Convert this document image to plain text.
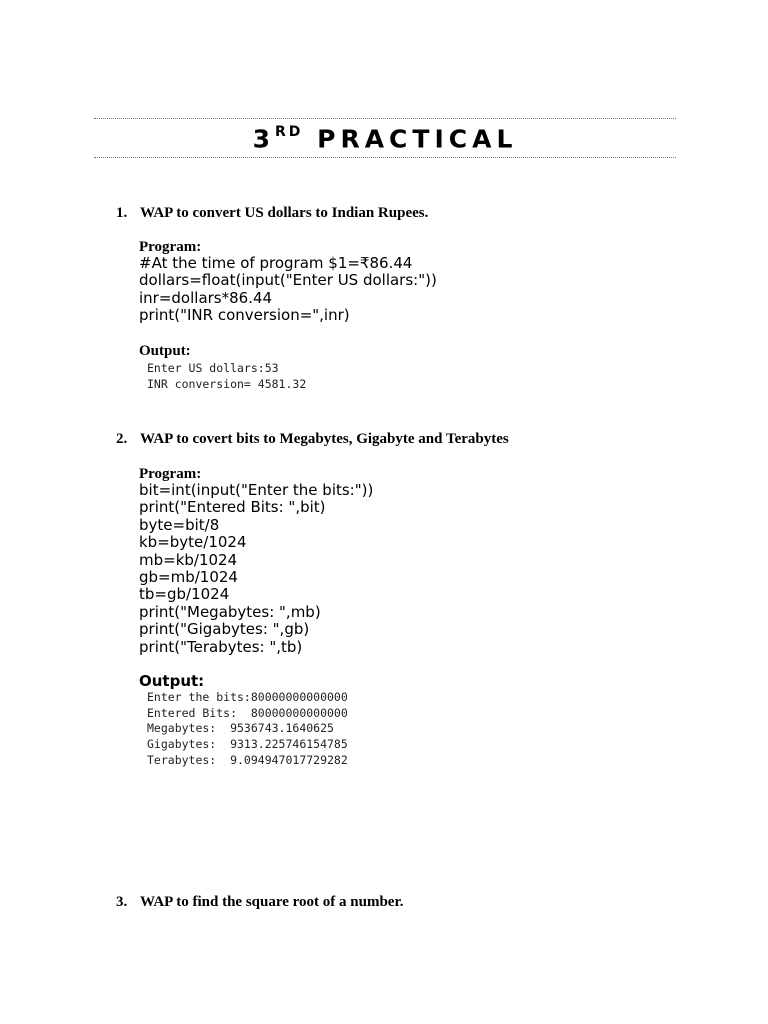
3RD PRACTICAL
1. WAP to convert US dollars to Indian Rupees.
Program:
#At the time of program $1=₹86.44
dollars=float(input("Enter US dollars:"))
inr=dollars*86.44
print("INR conversion=",inr)
Output:
Enter US dollars:53
INR conversion= 4581.32
2. WAP to covert bits to Megabytes, Gigabyte and Terabytes
Program:
bit=int(input("Enter the bits:"))
print("Entered Bits: ",bit)
byte=bit/8
kb=byte/1024
mb=kb/1024
gb=mb/1024
tb=gb/1024
print("Megabytes: ",mb)
print("Gigabytes: ",gb)
print("Terabytes: ",tb)
Output:
Enter the bits:80000000000000
Entered Bits:  80000000000000
Megabytes:  9536743.1640625
Gigabytes:  9313.225746154785
Terabytes:  9.094947017729282
3. WAP to find the square root of a number.
